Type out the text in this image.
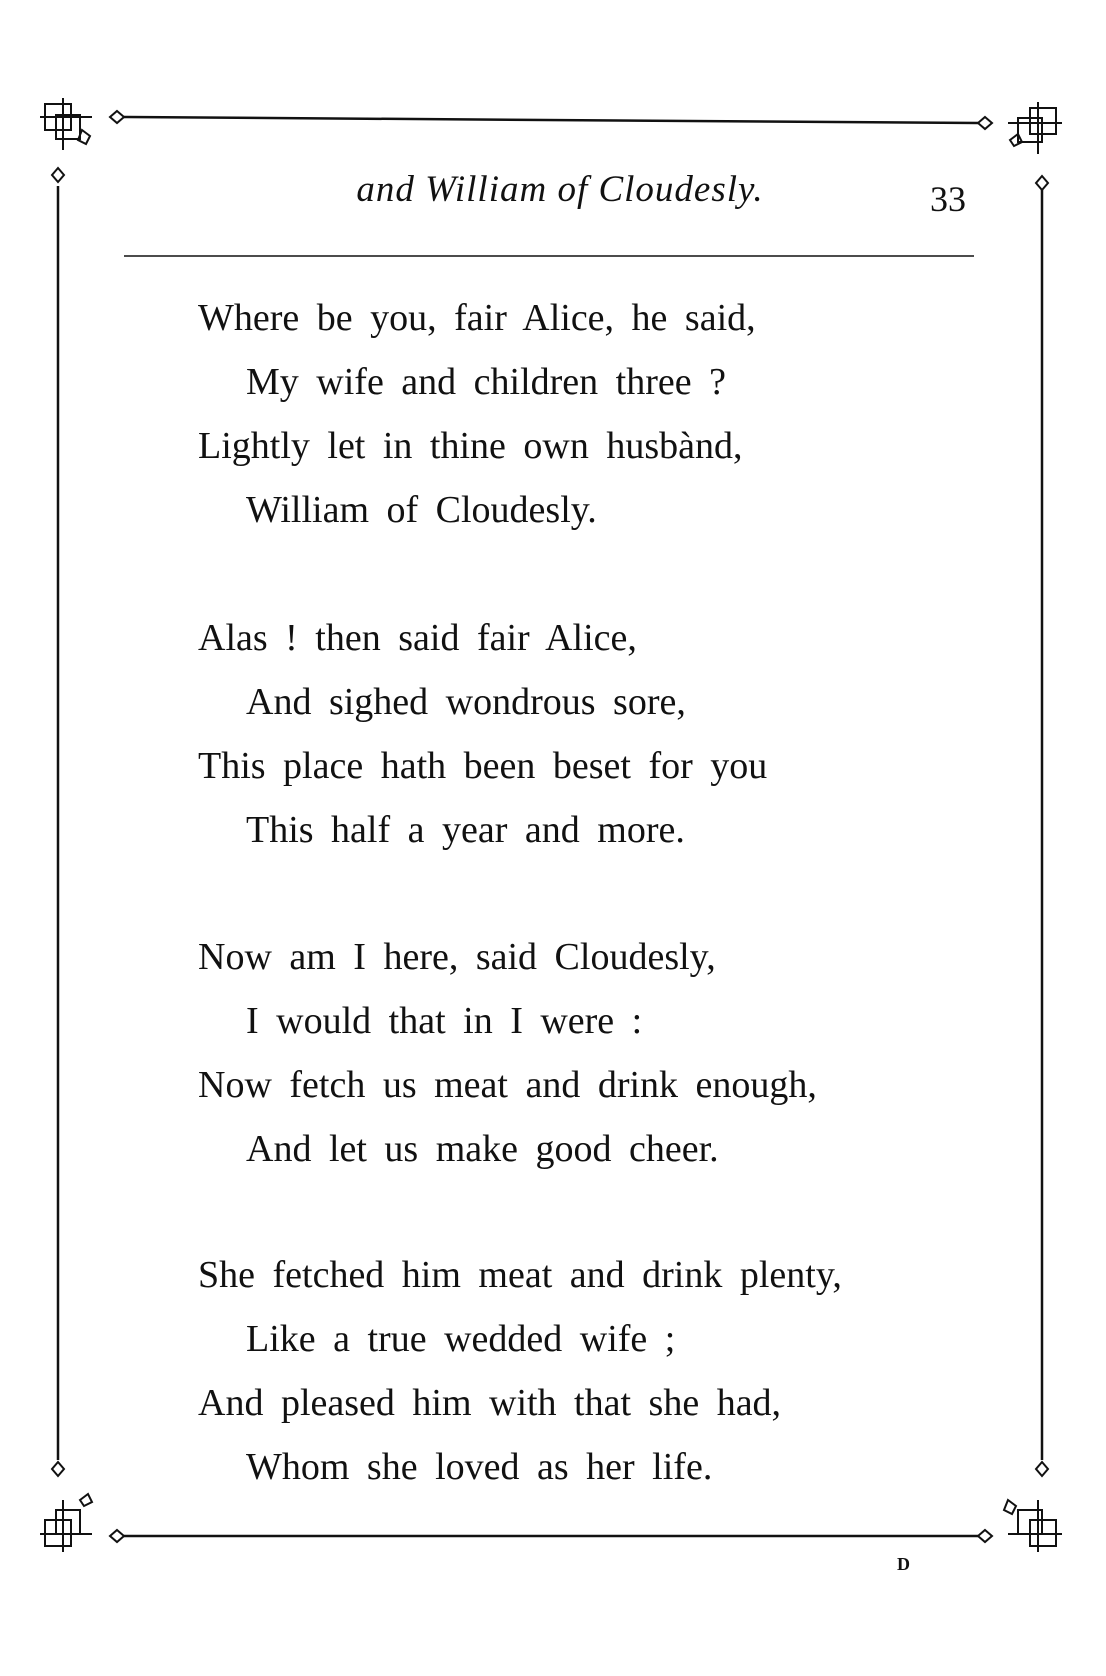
and William of Cloudesly.	33
Where be you, fair Alice, he said,
My wife and children three ?
Lightly let in thine own husbànd,
William of Cloudesly.
Alas ! then said fair Alice,
And sighed wondrous sore,
This place hath been beset for you
This half a year and more.
Now am I here, said Cloudesly,
I would that in I were :
Now fetch us meat and drink enough,
And let us make good cheer.
She fetched him meat and drink plenty,
Like a true wedded wife ;
And pleased him with that she had,
Whom she loved as her life.
D
